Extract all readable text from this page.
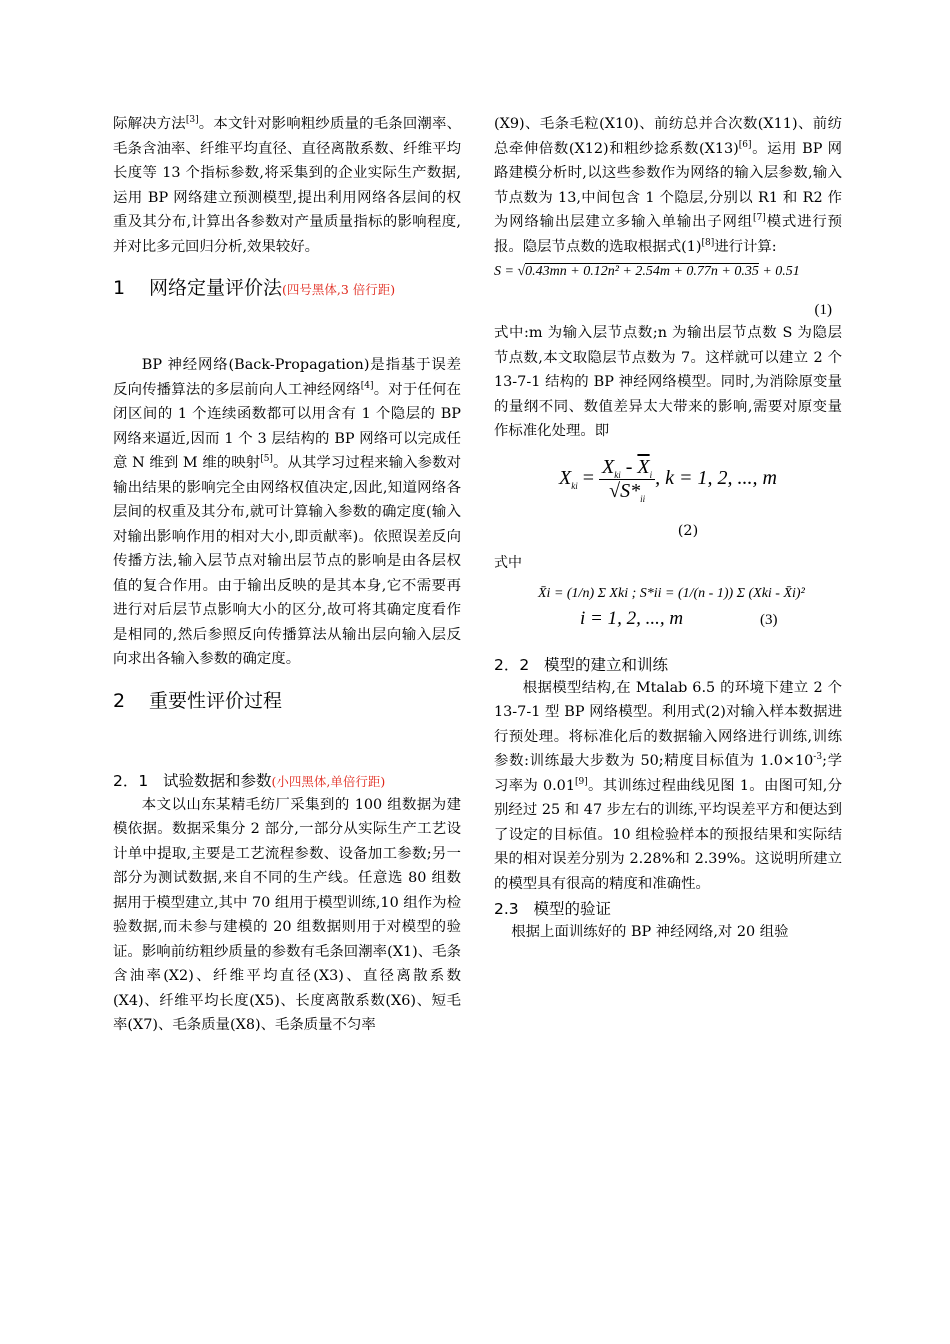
际解决方法[3]。本文针对影响粗纱质量的毛条回潮率、毛条含油率、纤维平均直径、直径离散系数、纤维平均长度等 13 个指标参数,将采集到的企业实际生产数据,运用 BP 网络建立预测模型,提出利用网络各层间的权重及其分布,计算出各参数对产量质量指标的影响程度,并对比多元回归分析,效果较好。

1 网络定量评价法(四号黑体,3 倍行距)

BP 神经网络(Back-Propagation)是指基于误差反向传播算法的多层前向人工神经网络[4]。对于任何在闭区间的 1 个连续函数都可以用含有 1 个隐层的 BP 网络来逼近,因而 1 个 3 层结构的 BP 网络可以完成任意 N 维到 M 维的映射[5]。从其学习过程来输入参数对输出结果的影响完全由网络权值决定,因此,知道网络各层间的权重及其分布,就可计算输入参数的确定度(输入对输出影响作用的相对大小,即贡献率)。依照误差反向传播方法,输入层节点对输出层节点的影响是由各层权值的复合作用。由于输出反映的是其本身,它不需要再进行对后层节点影响大小的区分,故可将其确定度看作是相同的,然后参照反向传播算法从输出层向输入层反向求出各输入参数的确定度。

2 重要性评价过程
2．1 试验数据和参数(小四黑体,单倍行距)

本文以山东某精毛纺厂采集到的 100 组数据为建模依据。数据采集分 2 部分,一部分从实际生产工艺设计单中提取,主要是工艺流程参数、设备加工参数;另一部分为测试数据,来自不同的生产线。任意选 80 组数据用于模型建立,其中 70 组用于模型训练,10 组作为检验数据,而未参与建模的 20 组数据则用于对模型的验证。影响前纺粗纱质量的参数有毛条回潮率(X1)、毛条含油率(X2)、纤维平均直径(X3)、直径离散系数(X4)、纤维平均长度(X5)、长度离散系数(X6)、短毛率(X7)、毛条质量(X8)、毛条质量不匀率

(X9)、毛条毛粒(X10)、前纺总并合次数(X11)、前纺总牵伸倍数(X12)和粗纱捻系数(X13)[6]。运用 BP 网路建模分析时,以这些参数作为网络的输入层参数,输入节点数为 13,中间包含 1 个隐层,分别以 R1 和 R2 作为网络输出层建立多输入单输出子网组[7]模式进行预报。隐层节点数的选取根据式(1)[8]进行计算:

S = √0.43mn + 0.12n² + 2.54m + 0.77n + 0.35 + 0.51
(1)

式中:m 为输入层节点数;n 为输出层节点数 S 为隐层节点数,本文取隐层节点数为 7。这样就可以建立 2 个 13-7-1 结构的 BP 神经网络模型。同时,为消除原变量的量纲不同、数值差异太大带来的影响,需要对原变量作标准化处理。即

$X_{ki} = \frac{X_{ki} - \overline{X}_i}{√S*_{ii}}$ , k = 1, 2, ..., m
(2)
式中
X̄i = (1/n) Σ Xki ; S*ii = (1/(n - 1)) Σ (Xki - X̄i)²
i = 1, 2, ..., m	(3)
2．2 模型的建立和训练

根据模型结构,在 Mtalab 6.5 的环境下建立 2 个 13-7-1 型 BP 网络模型。利用式(2)对输入样本数据进行预处理。将标准化后的数据输入网络进行训练,训练参数:训练最大步数为 50;精度目标值为 $1.0\times 10^{-3}$;学习率为 0.01[9]。其训练过程曲线见图 1。由图可知,分别经过 25 和 47 步左右的训练,平均误差平方和便达到了设定的目标值。10 组检验样本的预报结果和实际结果的相对误差分别为 2.28%和 2.39%。这说明所建立的模型具有很高的精度和准确性。

2.3 模型的验证

根据上面训练好的 BP 神经网络,对 20 组验
